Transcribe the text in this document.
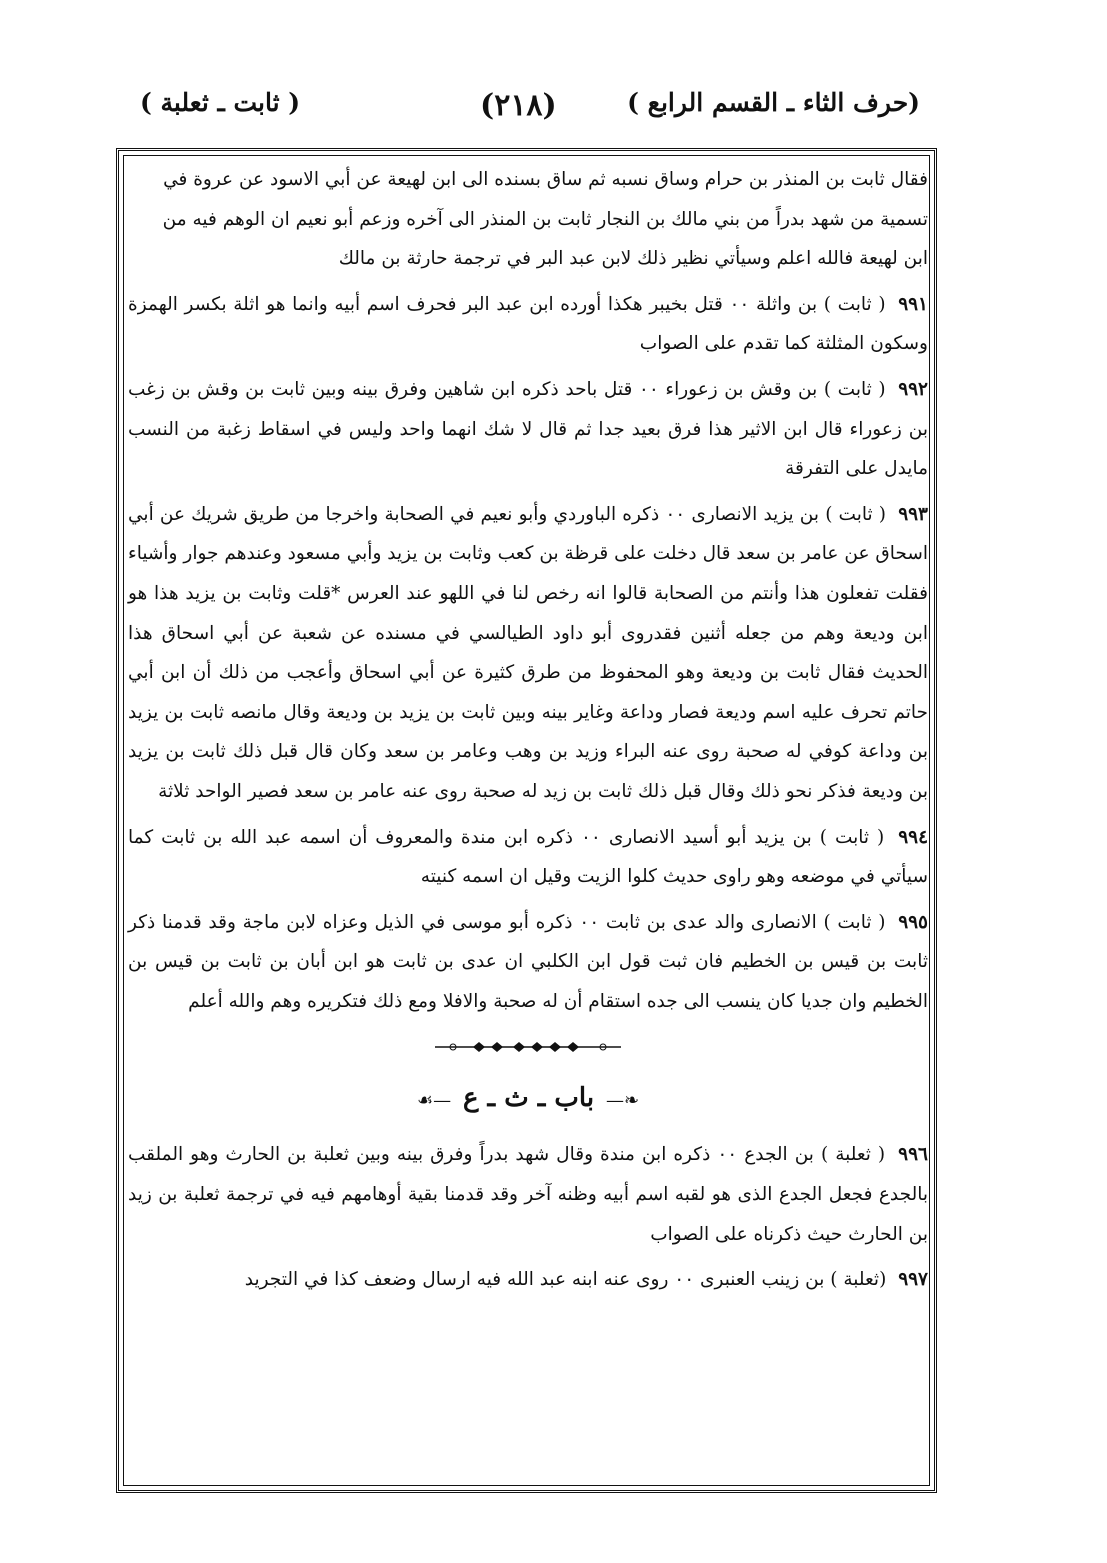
(حرف الثاء ـ القسم الرابع )
(۲۱۸)
( ثابت ـ ثعلبة )

فقال ثابت بن المنذر بن حرام وساق نسبه ثم ساق بسنده الى ابن لهيعة عن أبي الاسود عن عروة في

تسمية من شهد بدراً من بني مالك بن النجار ثابت بن المنذر الى آخره وزعم أبو نعيم ان الوهم فيه من

ابن لهيعة فالله اعلم وسيأتي نظير ذلك لابن عبد البر في ترجمة حارثة بن مالك

۹۹۱ ( ثابت ) بن واثلة ٠٠ قتل بخيبر هكذا أورده ابن عبد البر فحرف اسم أبيه وانما هو اثلة بكسر الهمزة وسكون المثلثة كما تقدم على الصواب

۹۹۲ ( ثابت ) بن وقش بن زعوراء ٠٠ قتل باحد ذكره ابن شاهين وفرق بينه وبين ثابت بن وقش بن زغب بن زعوراء قال ابن الاثير هذا فرق بعيد جدا ثم قال لا شك انهما واحد وليس في اسقاط زغبة من النسب مايدل على التفرقة

۹۹۳ ( ثابت ) بن يزيد الانصارى ٠٠ ذكره الباوردي وأبو نعيم في الصحابة واخرجا من طريق شريك عن أبي اسحاق عن عامر بن سعد قال دخلت على قرظة بن كعب وثابت بن يزيد وأبي مسعود وعندهم جوار وأشياء فقلت تفعلون هذا وأنتم من الصحابة قالوا انه رخص لنا في اللهو عند العرس *قلت وثابت بن يزيد هذا هو ابن وديعة وهم من جعله أثنين فقدروى أبو داود الطيالسي في مسنده عن شعبة عن أبي اسحاق هذا الحديث فقال ثابت بن وديعة وهو المحفوظ من طرق كثيرة عن أبي اسحاق وأعجب من ذلك أن ابن أبي حاتم تحرف عليه اسم وديعة فصار وداعة وغاير بينه وبين ثابت بن يزيد بن وديعة وقال مانصه ثابت بن يزيد بن وداعة كوفي له صحبة روى عنه البراء وزيد بن وهب وعامر بن سعد وكان قال قبل ذلك ثابت بن يزيد بن وديعة فذكر نحو ذلك وقال قبل ذلك ثابت بن زيد له صحبة روى عنه عامر بن سعد فصير الواحد ثلاثة

۹۹٤ ( ثابت ) بن يزيد أبو أسيد الانصارى ٠٠ ذكره ابن مندة والمعروف أن اسمه عبد الله بن ثابت كما سيأتي في موضعه وهو راوى حديث كلوا الزيت وقيل ان اسمه كنيته

۹۹٥ ( ثابت ) الانصارى والد عدى بن ثابت ٠٠ ذكره أبو موسى في الذيل وعزاه لابن ماجة وقد قدمنا ذكر ثابت بن قيس بن الخطيم فان ثبت قول ابن الكلبي ان عدى بن ثابت هو ابن أبان بن ثابت بن قيس بن الخطيم وان جديا كان ينسب الى جده استقام أن له صحبة والافلا ومع ذلك فتكريره وهم والله أعلم

❧— باب ـ ث ـ ع —☙

۹۹٦ ( ثعلبة ) بن الجدع ٠٠ ذكره ابن مندة وقال شهد بدراً وفرق بينه وبين ثعلبة بن الحارث وهو الملقب بالجدع فجعل الجدع الذى هو لقبه اسم أبيه وظنه آخر وقد قدمنا بقية أوهامهم فيه في ترجمة ثعلبة بن زيد بن الحارث حيث ذكرناه على الصواب

۹۹۷ (ثعلبة ) بن زينب العنبرى ٠٠ روى عنه ابنه عبد الله فيه ارسال وضعف كذا في التجريد
